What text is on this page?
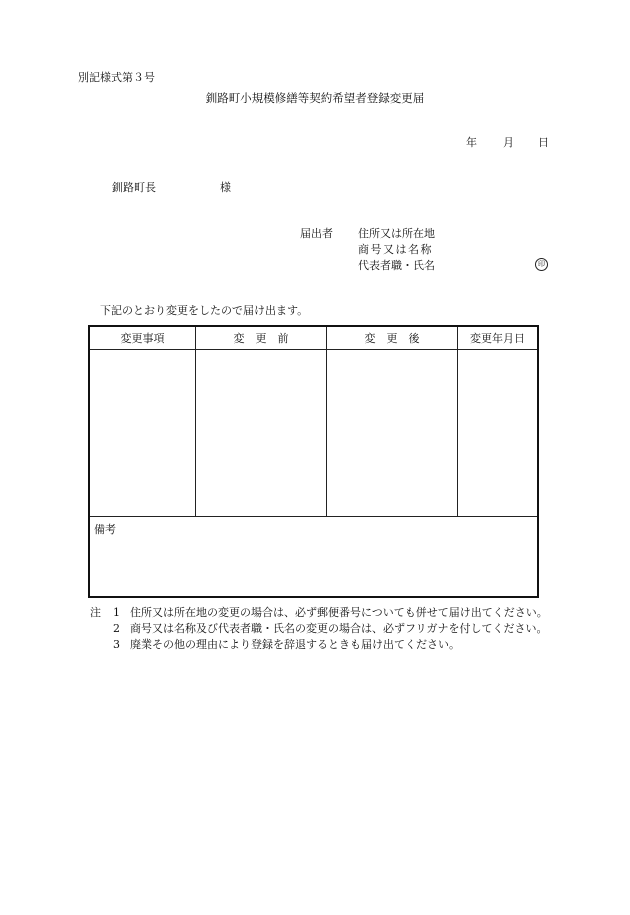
別記様式第３号
釧路町小規模修繕等契約希望者登録変更届
年 月 日
釧路町長	様
届出者 住所又は所在地
商号又は名称
代表者職・氏名	印
下記のとおり変更をしたので届け出ます。
変更事項	変　更　前	変　更　後	変更年月日
備考
注 1 住所又は所在地の変更の場合は、必ず郵便番号についても併せて届け出てください。
2 商号又は名称及び代表者職・氏名の変更の場合は、必ずフリガナを付してください。
3 廃業その他の理由により登録を辞退するときも届け出てください。
